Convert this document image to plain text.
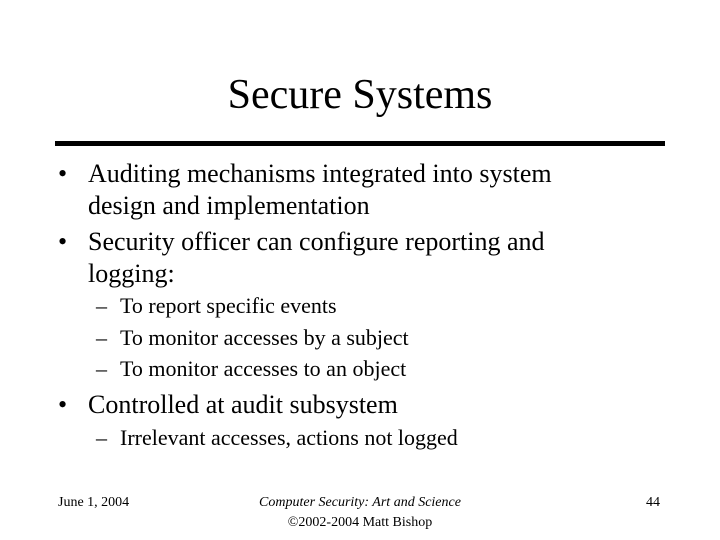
Secure Systems
• Auditing mechanisms integrated into system
design and implementation
• Security officer can configure reporting and
logging:
– To report specific events
– To monitor accesses by a subject
– To monitor accesses to an object
• Controlled at audit subsystem
– Irrelevant accesses, actions not logged
June 1, 2004	Computer Security: Art and Science
©2002-2004 Matt Bishop
44
